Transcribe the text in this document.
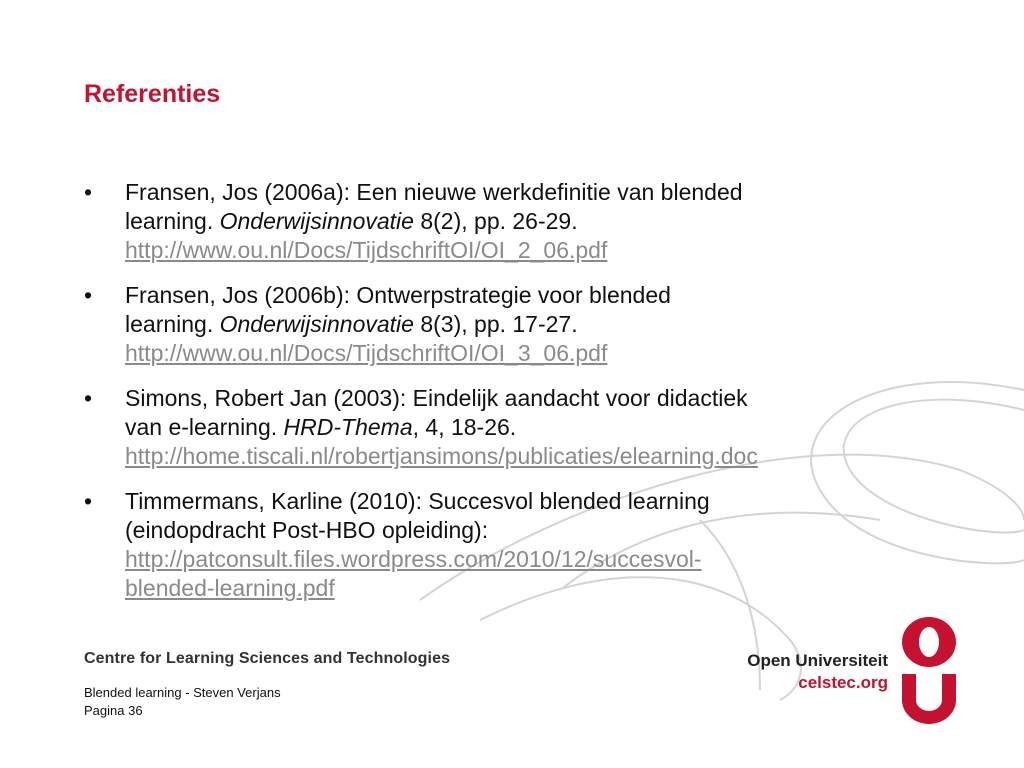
Referenties
• Fransen, Jos (2006a): Een nieuwe werkdefinitie van blended
learning. Onderwijsinnovatie 8(2), pp. 26-29.
http://www.ou.nl/Docs/TijdschriftOI/OI_2_06.pdf
• Fransen, Jos (2006b): Ontwerpstrategie voor blended
learning. Onderwijsinnovatie 8(3), pp. 17-27.
http://www.ou.nl/Docs/TijdschriftOI/OI_3_06.pdf
• Simons, Robert Jan (2003): Eindelijk aandacht voor didactiek
van e-learning. HRD-Thema, 4, 18-26.
http://home.tiscali.nl/robertjansimons/publicaties/elearning.doc
• Timmermans, Karline (2010): Succesvol blended learning
(eindopdracht Post-HBO opleiding):
http://patconsult.files.wordpress.com/2010/12/succesvol-
blended-learning.pdf
Centre for Learning Sciences and Technologies
Blended learning - Steven Verjans
Pagina 36
Open Universiteit
celstec.org
